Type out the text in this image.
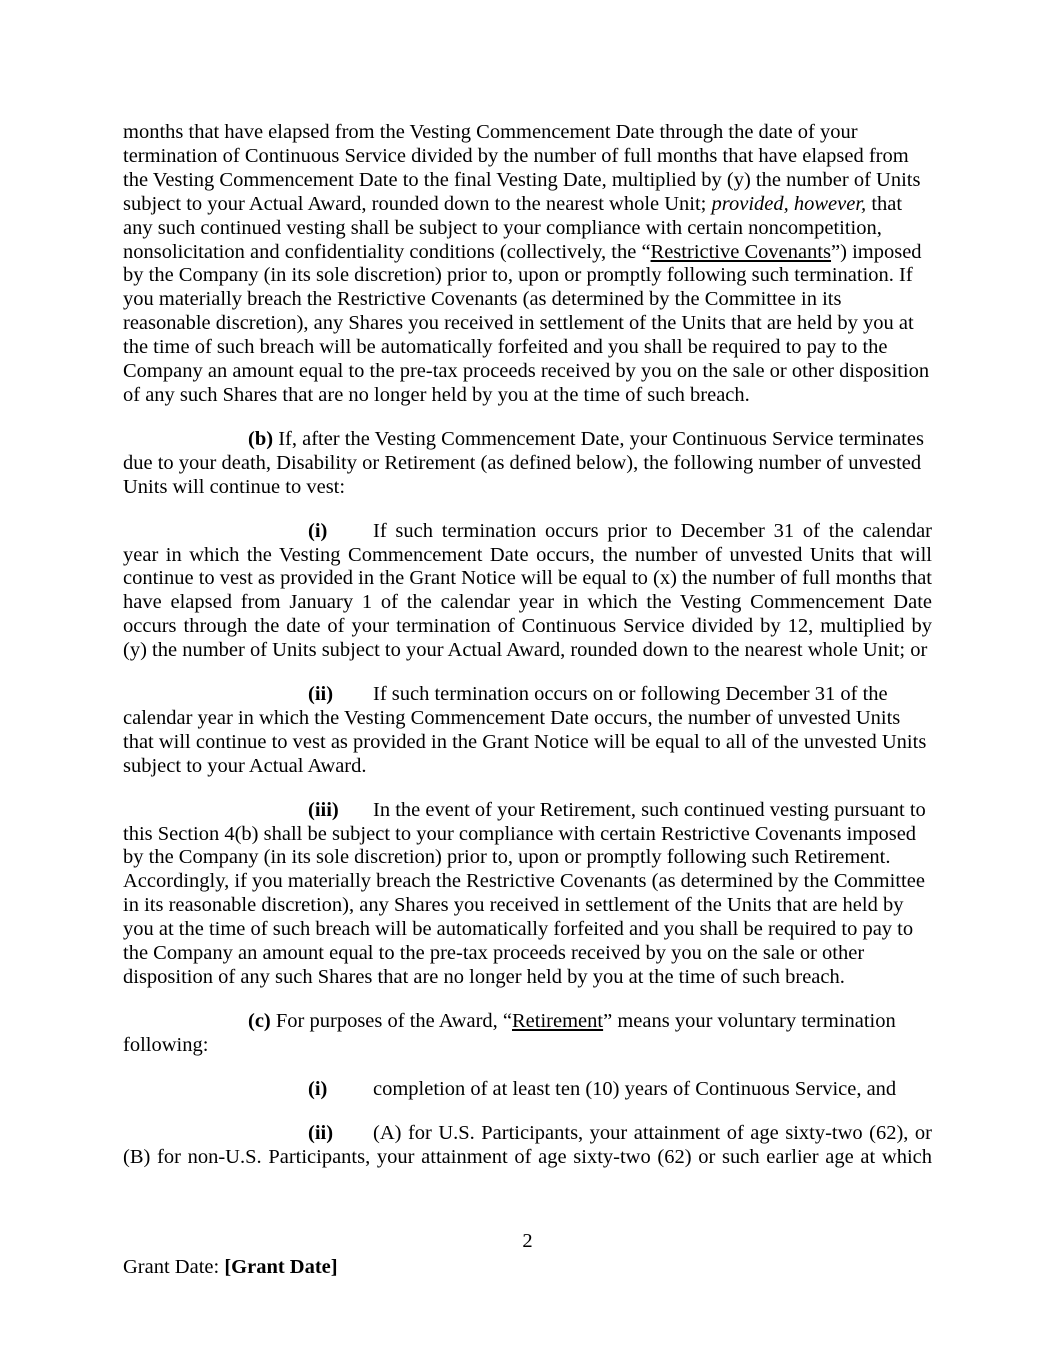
months that have elapsed from the Vesting Commencement Date through the date of your termination of Continuous Service divided by the number of full months that have elapsed from the Vesting Commencement Date to the final Vesting Date, multiplied by (y) the number of Units subject to your Actual Award, rounded down to the nearest whole Unit; provided, however, that any such continued vesting shall be subject to your compliance with certain noncompetition, nonsolicitation and confidentiality conditions (collectively, the “Restrictive Covenants”) imposed by the Company (in its sole discretion) prior to, upon or promptly following such termination. If you materially breach the Restrictive Covenants (as determined by the Committee in its reasonable discretion), any Shares you received in settlement of the Units that are held by you at the time of such breach will be automatically forfeited and you shall be required to pay to the Company an amount equal to the pre-tax proceeds received by you on the sale or other disposition of any such Shares that are no longer held by you at the time of such breach.

(b) If, after the Vesting Commencement Date, your Continuous Service terminates due to your death, Disability or Retirement (as defined below), the following number of unvested Units will continue to vest:

(i) If such termination occurs prior to December 31 of the calendar year in which the Vesting Commencement Date occurs, the number of unvested Units that will continue to vest as provided in the Grant Notice will be equal to (x) the number of full months that have elapsed from January 1 of the calendar year in which the Vesting Commencement Date occurs through the date of your termination of Continuous Service divided by 12, multiplied by (y) the number of Units subject to your Actual Award, rounded down to the nearest whole Unit; or

(ii) If such termination occurs on or following December 31 of the calendar year in which the Vesting Commencement Date occurs, the number of unvested Units that will continue to vest as provided in the Grant Notice will be equal to all of the unvested Units subject to your Actual Award.

(iii) In the event of your Retirement, such continued vesting pursuant to this Section 4(b) shall be subject to your compliance with certain Restrictive Covenants imposed by the Company (in its sole discretion) prior to, upon or promptly following such Retirement. Accordingly, if you materially breach the Restrictive Covenants (as determined by the Committee in its reasonable discretion), any Shares you received in settlement of the Units that are held by you at the time of such breach will be automatically forfeited and you shall be required to pay to the Company an amount equal to the pre-tax proceeds received by you on the sale or other disposition of any such Shares that are no longer held by you at the time of such breach.

(c) For purposes of the Award, “Retirement” means your voluntary termination following:

(i) completion of at least ten (10) years of Continuous Service, and

(ii) (A) for U.S. Participants, your attainment of age sixty-two (62), or (B) for non-U.S. Participants, your attainment of age sixty-two (62) or such earlier age at which

2
Grant Date: [Grant Date]
